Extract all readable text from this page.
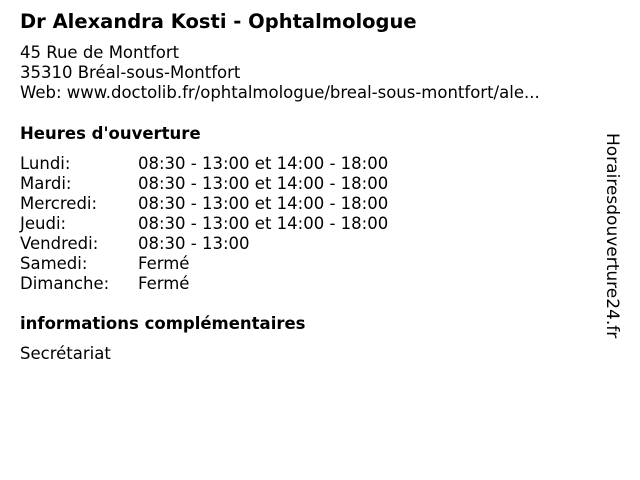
Dr Alexandra Kosti - Ophtalmologue
45 Rue de Montfort
35310 Bréal-sous-Montfort
Web: www.doctolib.fr/ophtalmologue/breal-sous-montfort/ale...
Heures d'ouverture
Lundi:	08:30 - 13:00 et 14:00 - 18:00
Mardi:	08:30 - 13:00 et 14:00 - 18:00
Mercredi:	08:30 - 13:00 et 14:00 - 18:00
Jeudi:	08:30 - 13:00 et 14:00 - 18:00
Vendredi:	08:30 - 13:00
Samedi:	Fermé
Dimanche:	Fermé
informations complémentaires
Secrétariat
Horairesdouverture24.fr
